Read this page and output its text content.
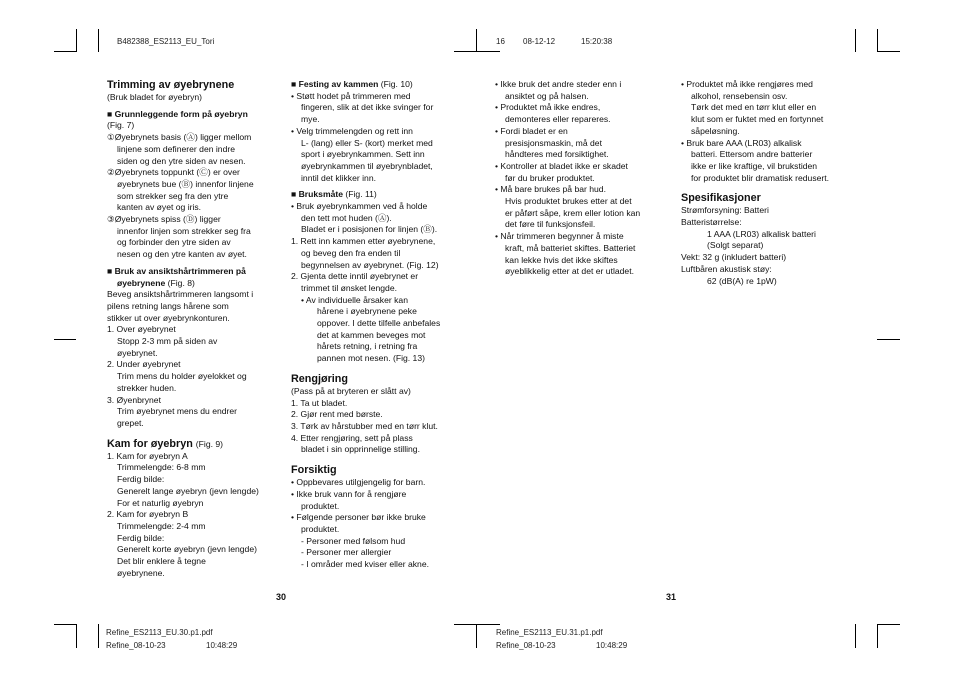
B482388_ES2113_EU_Tori	16 08-12-12	15:20:38
Trimming av øyebrynene

(Bruk bladet for øyebryn)

■ Grunnleggende form på øyebryn
(Fig. 7)
①Øyebrynets basis (Ⓐ) ligger mellom
linjene som definerer den indre
siden og den ytre siden av nesen.
②Øyebrynets toppunkt (Ⓒ) er over
øyebrynets bue (Ⓑ) innenfor linjene
som strekker seg fra den ytre
kanten av øyet og iris.
③Øyebrynets spiss (Ⓓ) ligger
innenfor linjen som strekker seg fra
og forbinder den ytre siden av
nesen og den ytre kanten av øyet.
■ Bruk av ansiktshårtrimmeren på
øyebrynene (Fig. 8)
Beveg ansiktshårtrimmeren langsomt i
pilens retning langs hårene som
stikker ut over øyebrynkonturen.
1. Over øyebrynet
Stopp 2-3 mm på siden av
øyebrynet.
2. Under øyebrynet
Trim mens du holder øyelokket og
strekker huden.
3. Øyenbrynet
Trim øyebrynet mens du endrer
grepet.
Kam for øyebryn (Fig. 9)
1. Kam for øyebryn A
Trimmelengde: 6-8 mm
Ferdig bilde:
Generelt lange øyebryn (jevn lengde)
For et naturlig øyebryn
2. Kam for øyebryn B
Trimmelengde: 2-4 mm
Ferdig bilde:
Generelt korte øyebryn (jevn lengde)
Det blir enklere å tegne
øyebrynene.
■ Festing av kammen (Fig. 10)
• Støtt hodet på trimmeren med
fingeren, slik at det ikke svinger for
mye.
• Velg trimmelengden og rett inn
L- (lang) eller S- (kort) merket med
sport i øyebrynkammen. Sett inn
øyebrynkammen til øyebrynbladet,
inntil det klikker inn.
■ Bruksmåte (Fig. 11)
• Bruk øyebrynkammen ved å holde
den tett mot huden (Ⓐ).
Bladet er i posisjonen for linjen (Ⓑ).
1. Rett inn kammen etter øyebrynene,
og beveg den fra enden til
begynnelsen av øyebrynet. (Fig. 12)
2. Gjenta dette inntil øyebrynet er
trimmet til ønsket lengde.
• Av individuelle årsaker kan
hårene i øyebrynene peke
oppover. I dette tilfelle anbefales
det at kammen beveges mot
hårets retning, i retning fra
pannen mot nesen. (Fig. 13)
Rengjøring
(Pass på at bryteren er slått av)
1. Ta ut bladet.
2. Gjør rent med børste.
3. Tørk av hårstubber med en tørr klut.
4. Etter rengjøring, sett på plass
bladet i sin opprinnelige stilling.
Forsiktig
• Oppbevares utilgjengelig for barn.
• Ikke bruk vann for å rengjøre
produktet.
• Følgende personer bør ikke bruke
produktet.
- Personer med følsom hud
- Personer mer allergier
- I områder med kviser eller akne.
• Ikke bruk det andre steder enn i
ansiktet og på halsen.
• Produktet må ikke endres,
demonteres eller repareres.
• Fordi bladet er en
presisjonsmaskin, må det
håndteres med forsiktighet.
• Kontroller at bladet ikke er skadet
før du bruker produktet.
• Må bare brukes på bar hud.
Hvis produktet brukes etter at det
er påført såpe, krem eller lotion kan
det føre til funksjonsfeil.
• Når trimmeren begynner å miste
kraft, må batteriet skiftes. Batteriet
kan lekke hvis det ikke skiftes
øyeblikkelig etter at det er utladet.
• Produktet må ikke rengjøres med
alkohol, rensebensin osv.
Tørk det med en tørr klut eller en
klut som er fuktet med en fortynnet
såpeløsning.
• Bruk bare AAA (LR03) alkalisk
batteri. Ettersom andre batterier
ikke er like kraftige, vil brukstiden
for produktet blir dramatisk redusert.
Spesifikasjoner
Strømforsyning: Batteri
Batteristørrelse:
1 AAA (LR03) alkalisk batteri
(Solgt separat)
Vekt: 32 g (inkludert batteri)
Luftbåren akustisk støy:
62 (dB(A) re 1pW)
30	31
Refine_ES2113_EU.30.p1.pdf
Refine_08-10-23	10:48:29
Refine_ES2113_EU.31.p1.pdf
Refine_08-10-23	10:48:29
